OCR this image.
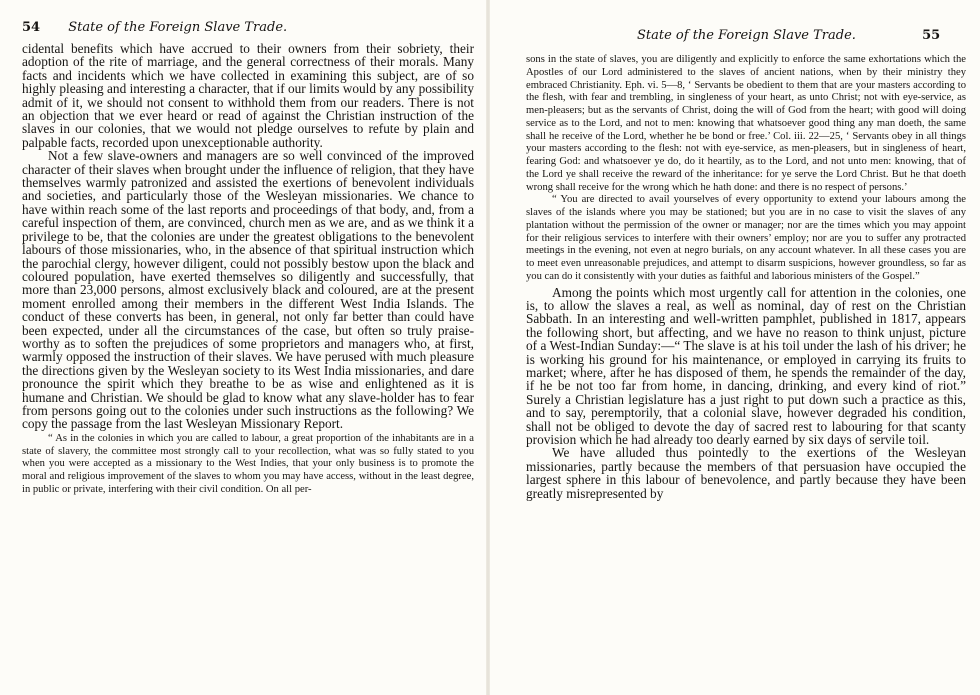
54 State of the Foreign Slave Trade.

cidental benefits which have accrued to their owners from their sobriety, their adoption of the rite of marriage, and the general correctness of their morals. Many facts and incidents which we have collected in examining this subject, are of so highly pleasing and interesting a character, that if our limits would by any possibility admit of it, we should not consent to withhold them from our readers. There is not an objection that we ever heard or read of against the Christian instruction of the slaves in our colonies, that we would not pledge ourselves to refute by plain and palpable facts, recorded upon unexceptionable authority.

Not a few slave-owners and managers are so well convinced of the improved character of their slaves when brought under the influence of religion, that they have themselves warmly patronized and assisted the exertions of benevolent individuals and societies, and particularly those of the Wesleyan missionaries. We chance to have within reach some of the last reports and proceedings of that body, and, from a careful inspection of them, are convinced, church men as we are, and as we think it a privilege to be, that the colonies are under the greatest obligations to the benevolent labours of those missionaries, who, in the absence of that spiritual instruction which the parochial clergy, however diligent, could not possibly bestow upon the black and coloured population, have exerted themselves so diligently and successfully, that more than 23,000 persons, almost exclusively black and coloured, are at the present moment enrolled among their members in the different West India Islands. The conduct of these converts has been, in general, not only far better than could have been expected, under all the circumstances of the case, but often so truly praise-worthy as to soften the prejudices of some proprietors and managers who, at first, warmly opposed the instruction of their slaves. We have perused with much pleasure the directions given by the Wesleyan society to its West India missionaries, and dare pronounce the spirit which they breathe to be as wise and enlightened as it is humane and Christian. We should be glad to know what any slave-holder has to fear from persons going out to the colonies under such instructions as the following? We copy the passage from the last Wesleyan Missionary Report.

“ As in the colonies in which you are called to labour, a great proportion of the inhabitants are in a state of slavery, the committee most strongly call to your recollection, what was so fully stated to you when you were accepted as a missionary to the West Indies, that your only business is to promote the moral and religious improvement of the slaves to whom you may have access, without in the least degree, in public or private, interfering with their civil condition. On all per-

State of the Foreign Slave Trade.	55

sons in the state of slaves, you are diligently and explicitly to enforce the same exhortations which the Apostles of our Lord administered to the slaves of ancient nations, when by their ministry they embraced Christianity. Eph. vi. 5—8, ‘ Servants be obedient to them that are your masters according to the flesh, with fear and trembling, in singleness of your heart, as unto Christ; not with eye-service, as men-pleasers; but as the servants of Christ, doing the will of God from the heart; with good will doing service as to the Lord, and not to men: knowing that whatsoever good thing any man doeth, the same shall he receive of the Lord, whether he be bond or free.’ Col. iii. 22—25, ‘ Servants obey in all things your masters according to the flesh: not with eye-service, as men-pleasers, but in singleness of heart, fearing God: and whatsoever ye do, do it heartily, as to the Lord, and not unto men: knowing, that of the Lord ye shall receive the reward of the inheritance: for ye serve the Lord Christ. But he that doeth wrong shall receive for the wrong which he hath done: and there is no respect of persons.’

“ You are directed to avail yourselves of every opportunity to extend your labours among the slaves of the islands where you may be stationed; but you are in no case to visit the slaves of any plantation without the permission of the owner or manager; nor are the times which you may appoint for their religious services to interfere with their owners’ employ; nor are you to suffer any protracted meetings in the evening, not even at negro burials, on any account whatever. In all these cases you are to meet even unreasonable prejudices, and attempt to disarm suspicions, however groundless, so far as you can do it consistently with your duties as faithful and laborious ministers of the Gospel.”

Among the points which most urgently call for attention in the colonies, one is, to allow the slaves a real, as well as nominal, day of rest on the Christian Sabbath. In an interesting and well-written pamphlet, published in 1817, appears the following short, but affecting, and we have no reason to think unjust, picture of a West-Indian Sunday:—“ The slave is at his toil under the lash of his driver; he is working his ground for his maintenance, or employed in carrying its fruits to market; where, after he has disposed of them, he spends the remainder of the day, if he be not too far from home, in dancing, drinking, and every kind of riot.” Surely a Christian legislature has a just right to put down such a practice as this, and to say, peremptorily, that a colonial slave, however degraded his condition, shall not be obliged to devote the day of sacred rest to labouring for that scanty provision which he had already too dearly earned by six days of servile toil.

We have alluded thus pointedly to the exertions of the Wesleyan missionaries, partly because the members of that persuasion have occupied the largest sphere in this labour of benevolence, and partly because they have been greatly misrepresented by
